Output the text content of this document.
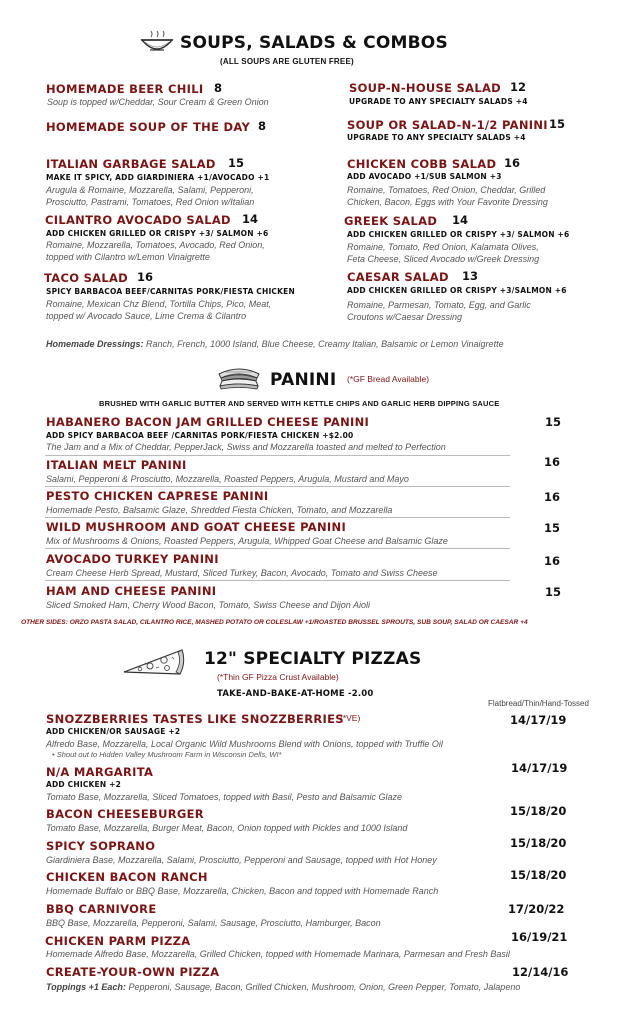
SOUPS, SALADS & COMBOS
(ALL SOUPS ARE GLUTEN FREE)
HOMEMADE BEER CHILI 8
Soup is topped w/Cheddar, Sour Cream & Green Onion
HOMEMADE SOUP OF THE DAY 8
ITALIAN GARBAGE SALAD 15
MAKE IT SPICY, ADD GIARDINIERA +1/AVOCADO +1
Arugula & Romaine, Mozzarella, Salami, Pepperoni,
Prosciutto, Pastrami, Tomatoes, Red Onion w/Italian
CILANTRO AVOCADO SALAD 14
ADD CHICKEN GRILLED OR CRISPY +3/ SALMON +6
Romaine, Mozzarella, Tomatoes, Avocado, Red Onion,
topped with Cilantro w/Lemon Vinaigrette
TACO SALAD 16
SPICY BARBACOA BEEF/CARNITAS PORK/FIESTA CHICKEN
Romaine, Mexican Chz Blend, Tortilla Chips, Pico, Meat,
topped w/ Avocado Sauce, Lime Crema & Cilantro
SOUP-N-HOUSE SALAD 12
UPGRADE TO ANY SPECIALTY SALADS +4
SOUP OR SALAD-N-1/2 PANINI 15
UPGRADE TO ANY SPECIALTY SALADS +4
CHICKEN COBB SALAD 16
ADD AVOCADO +1/SUB SALMON +3
Romaine, Tomatoes, Red Onion, Cheddar, Grilled
Chicken, Bacon, Eggs with Your Favorite Dressing
GREEK SALAD 14
ADD CHICKEN GRILLED OR CRISPY +3/ SALMON +6
Romaine, Tomato, Red Onion, Kalamata Olives,
Feta Cheese, Sliced Avocado w/Greek Dressing
CAESAR SALAD 13
ADD CHICKEN GRILLED OR CRISPY +3/SALMON +6
Romaine, Parmesan, Tomato, Egg, and Garlic
Croutons w/Caesar Dressing
Homemade Dressings: Ranch, French, 1000 Island, Blue Cheese, Creamy Italian, Balsamic or Lemon Vinaigrette
PANINI (*GF Bread Available)
BRUSHED WITH GARLIC BUTTER AND SERVED WITH KETTLE CHIPS AND GARLIC HERB DIPPING SAUCE
HABANERO BACON JAM GRILLED CHEESE PANINI	15
ADD SPICY BARBACOA BEEF /CARNITAS PORK/FIESTA CHICKEN +$2.00
The Jam and a Mix of Cheddar, PepperJack, Swiss and Mozzarella toasted and melted to Perfection
ITALIAN MELT PANINI	16
Salami, Pepperoni & Prosciutto, Mozzarella, Roasted Peppers, Arugula, Mustard and Mayo
PESTO CHICKEN CAPRESE PANINI	16
Homemade Pesto, Balsamic Glaze, Shredded Fiesta Chicken, Tomato, and Mozzarella
WILD MUSHROOM AND GOAT CHEESE PANINI	15
Mix of Mushrooms & Onions, Roasted Peppers, Arugula, Whipped Goat Cheese and Balsamic Glaze
AVOCADO TURKEY PANINI	16
Cream Cheese Herb Spread, Mustard, Sliced Turkey, Bacon, Avocado, Tomato and Swiss Cheese
HAM AND CHEESE PANINI	15
Sliced Smoked Ham, Cherry Wood Bacon, Tomato, Swiss Cheese and Dijon Aioli
OTHER SIDES: ORZO PASTA SALAD, CILANTRO RICE, MASHED POTATO OR COLESLAW +1/ROASTED BRUSSEL SPROUTS, SUB SOUP, SALAD OR CAESAR +4
12" SPECIALTY PIZZAS
(*Thin GF Pizza Crust Available)
TAKE-AND-BAKE-AT-HOME -2.00
Flatbread/Thin/Hand-Tossed
SNOZZBERRIES TASTES LIKE SNOZZBERRIES
(*VE)	14/17/19
ADD CHICKEN/OR SAUSAGE +2
Alfredo Base, Mozzarella, Local Organic Wild Mushrooms Blend with Onions, topped with Truffle Oil
• Shout out to Hidden Valley Mushroom Farm in Wisconsin Dells, WI*
N/A MARGARITA	14/17/19
ADD CHICKEN +2
Tomato Base, Mozzarella, Sliced Tomatoes, topped with Basil, Pesto and Balsamic Glaze
BACON CHEESEBURGER	15/18/20
Tomato Base, Mozzarella, Burger Meat, Bacon, Onion topped with Pickles and 1000 Island
SPICY SOPRANO	15/18/20
Giardiniera Base, Mozzarella, Salami, Prosciutto, Pepperoni and Sausage, topped with Hot Honey
CHICKEN BACON RANCH	15/18/20
Homemade Buffalo or BBQ Base, Mozzarella, Chicken, Bacon and topped with Homemade Ranch
BBQ CARNIVORE	17/20/22
BBQ Base, Mozzarella, Pepperoni, Salami, Sausage, Prosciutto, Hamburger, Bacon
CHICKEN PARM PIZZA	16/19/21
Homemade Alfredo Base, Mozzarella, Grilled Chicken, topped with Homemade Marinara, Parmesan and Fresh Basil
CREATE-YOUR-OWN PIZZA	12/14/16
Toppings +1 Each: Pepperoni, Sausage, Bacon, Grilled Chicken, Mushroom, Onion, Green Pepper, Tomato, Jalapeno
